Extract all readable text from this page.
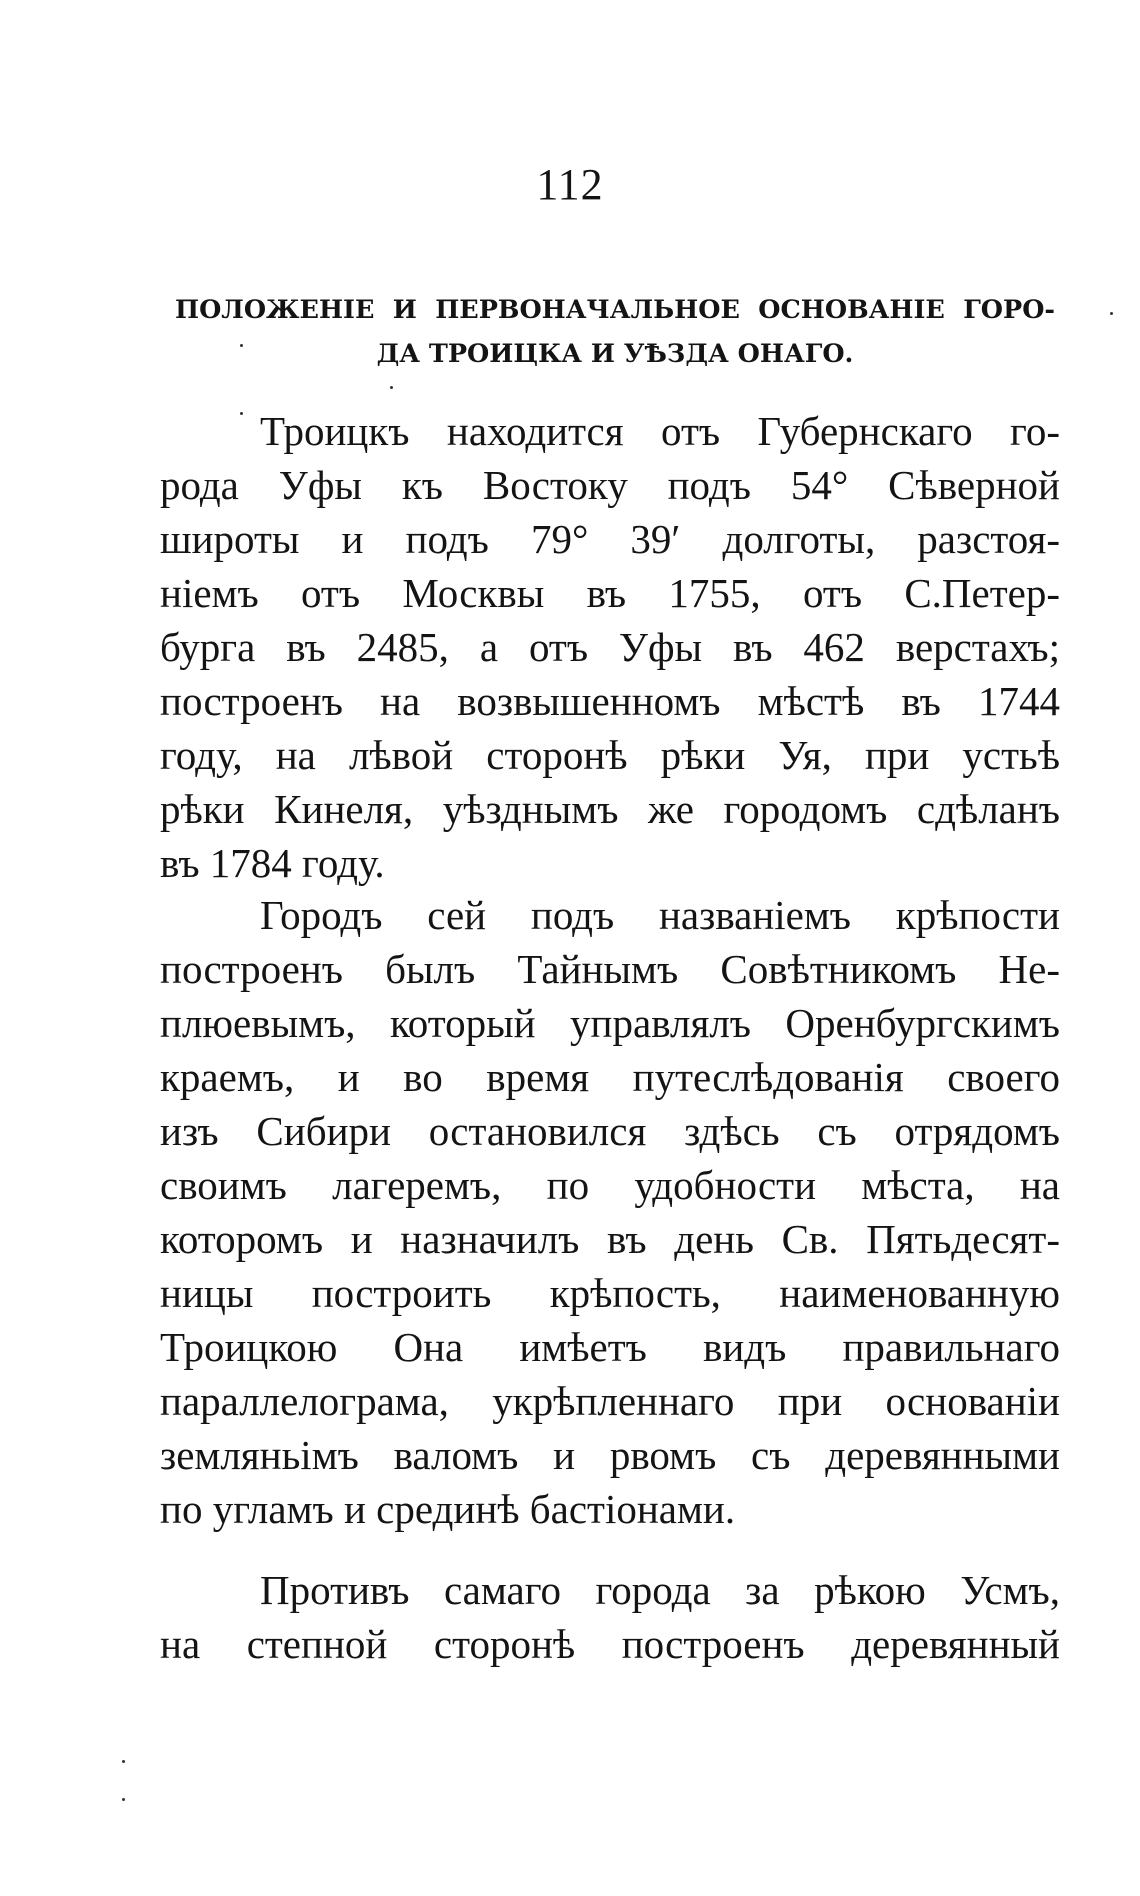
112
ПОЛОЖЕНIЕ И ПЕРВОНАЧАЛЬНОЕ ОСНОВАНIЕ ГОРО-
ДА ТРОИЦКА И УѢЗДА ОНАГО.

Троицкъ находится отъ Губернскаго го-
рода Уфы къ Востоку подъ 54° Сѣверной
широты и подъ 79° 39′ долготы, разстоя-
нiемъ отъ Москвы въ 1755, отъ С.Петер-
бурга въ 2485, а отъ Уфы въ 462 верстахъ;
построенъ на возвышенномъ мѣстѣ въ 1744
году, на лѣвой сторонѣ рѣки Уя, при устьѣ
рѣки Кинеля, уѣзднымъ же городомъ сдѣланъ
въ 1784 году.

Городъ сей подъ названiемъ крѣпости
построенъ былъ Тайнымъ Совѣтникомъ Не-
плюевымъ, который управлялъ Оренбургскимъ
краемъ, и во время путеслѣдованiя своего
изъ Сибири остановился здѣсь съ отрядомъ
своимъ лагеремъ, по удобности мѣста, на
которомъ и назначилъ въ день Св. Пятьдесят-
ницы построить крѣпость, наименованную
Троицкою Она имѣетъ видъ правильнаго
параллелограма, укрѣпленнаго при основанiи
земляньімъ валомъ и рвомъ съ деревянными
по угламъ и срединѣ бастiонами.

Противъ самаго города за рѣкою Усмъ,
на степной сторонѣ построенъ деревянный
